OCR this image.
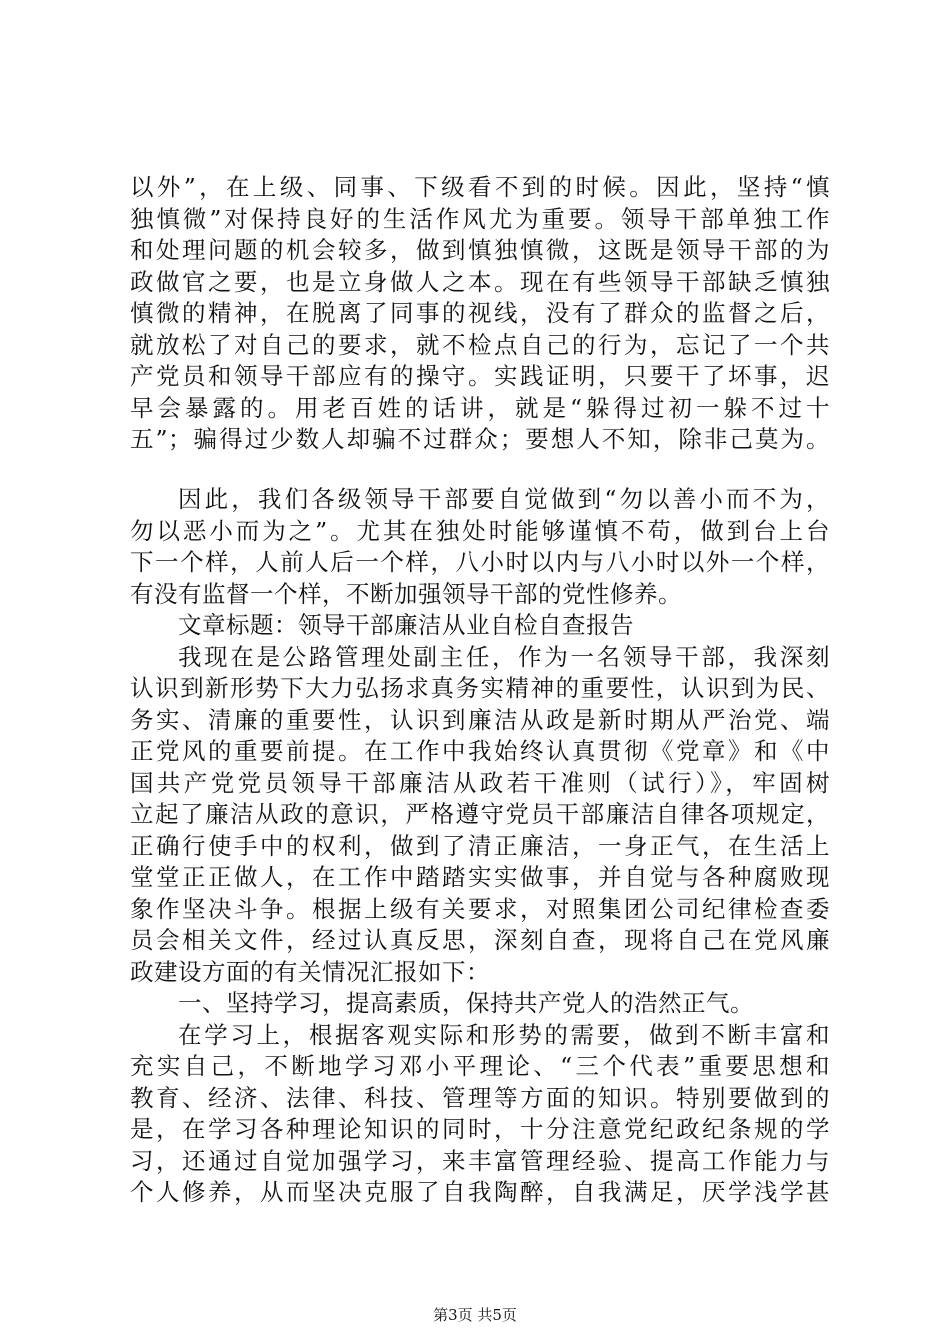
以外”，在上级、同事、下级看不到的时候。因此，坚持“慎
独慎微”对保持良好的生活作风尤为重要。领导干部单独工作
和处理问题的机会较多，做到慎独慎微，这既是领导干部的为
政做官之要，也是立身做人之本。现在有些领导干部缺乏慎独
慎微的精神，在脱离了同事的视线，没有了群众的监督之后，
就放松了对自己的要求，就不检点自己的行为，忘记了一个共
产党员和领导干部应有的操守。实践证明，只要干了坏事，迟
早会暴露的。用老百姓的话讲，就是“躲得过初一躲不过十
五”；骗得过少数人却骗不过群众；要想人不知，除非己莫为。
因此，我们各级领导干部要自觉做到“勿以善小而不为，
勿以恶小而为之”。尤其在独处时能够谨慎不苟，做到台上台
下一个样，人前人后一个样，八小时以内与八小时以外一个样，
有没有监督一个样，不断加强领导干部的党性修养。
文章标题：领导干部廉洁从业自检自查报告
我现在是公路管理处副主任，作为一名领导干部，我深刻
认识到新形势下大力弘扬求真务实精神的重要性，认识到为民、
务实、清廉的重要性，认识到廉洁从政是新时期从严治党、端
正党风的重要前提。在工作中我始终认真贯彻《党章》和《中
国共产党党员领导干部廉洁从政若干准则（试行）》，牢固树
立起了廉洁从政的意识，严格遵守党员干部廉洁自律各项规定，
正确行使手中的权利，做到了清正廉洁，一身正气，在生活上
堂堂正正做人，在工作中踏踏实实做事，并自觉与各种腐败现
象作坚决斗争。根据上级有关要求，对照集团公司纪律检查委
员会相关文件，经过认真反思，深刻自查，现将自己在党风廉
政建设方面的有关情况汇报如下：
一、坚持学习，提高素质，保持共产党人的浩然正气。
在学习上，根据客观实际和形势的需要，做到不断丰富和
充实自己，不断地学习邓小平理论、“三个代表”重要思想和
教育、经济、法律、科技、管理等方面的知识。特别要做到的
是，在学习各种理论知识的同时，十分注意党纪政纪条规的学
习，还通过自觉加强学习，来丰富管理经验、提高工作能力与
个人修养，从而坚决克服了自我陶醉，自我满足，厌学浅学甚
第3页 共5页
